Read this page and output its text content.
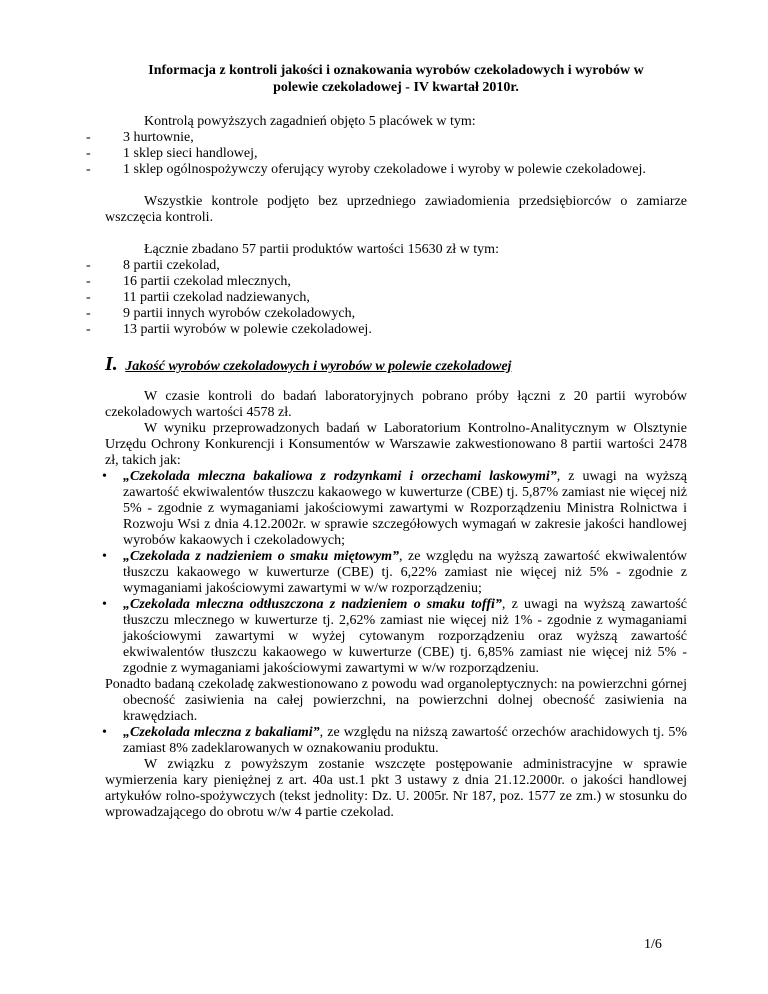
Informacja z kontroli jakości i oznakowania wyrobów czekoladowych i wyrobów w
polewie czekoladowej - IV kwartał 2010r.

Kontrolą powyższych zagadnień objęto 5 placówek w tym:

- 3 hurtownie,
- 1 sklep sieci handlowej,
- 1 sklep ogólnospożywczy oferujący wyroby czekoladowe i wyroby w polewie czekoladowej.

Wszystkie kontrole podjęto bez uprzedniego zawiadomienia przedsiębiorców o zamiarze wszczęcia kontroli.

Łącznie zbadano 57 partii produktów wartości 15630 zł w tym:

- 8 partii czekolad,
- 16 partii czekolad mlecznych,
- 11 partii czekolad nadziewanych,
- 9 partii innych wyrobów czekoladowych,
- 13 partii wyrobów w polewie czekoladowej.

I. Jakość wyrobów czekoladowych i wyrobów w polewie czekoladowej

W czasie kontroli do badań laboratoryjnych pobrano próby łączni z 20 partii wyrobów czekoladowych wartości 4578 zł.

W wyniku przeprowadzonych badań w Laboratorium Kontrolno-Analitycznym w Olsztynie Urzędu Ochrony Konkurencji i Konsumentów w Warszawie zakwestionowano 8 partii wartości 2478 zł, takich jak:

• „Czekolada mleczna bakaliowa z rodzynkami i orzechami laskowymi”, z uwagi na wyższą zawartość ekwiwalentów tłuszczu kakaowego w kuwerturze (CBE) tj. 5,87% zamiast nie więcej niż 5% - zgodnie z wymaganiami jakościowymi zawartymi w Rozporządzeniu Ministra Rolnictwa i Rozwoju Wsi z dnia 4.12.2002r. w sprawie szczegółowych wymagań w zakresie jakości handlowej wyrobów kakaowych i czekoladowych;
• „Czekolada z nadzieniem o smaku miętowym”, ze względu na wyższą zawartość ekwiwalentów tłuszczu kakaowego w kuwerturze (CBE) tj. 6,22% zamiast nie więcej niż 5% - zgodnie z wymaganiami jakościowymi zawartymi w w/w rozporządzeniu;
• „Czekolada mleczna odtłuszczona z nadzieniem o smaku toffi”, z uwagi na wyższą zawartość tłuszczu mlecznego w kuwerturze tj. 2,62% zamiast nie więcej niż 1% - zgodnie z wymaganiami jakościowymi zawartymi w wyżej cytowanym rozporządzeniu oraz wyższą zawartość ekwiwalentów tłuszczu kakaowego w kuwerturze (CBE) tj. 6,85% zamiast nie więcej niż 5% - zgodnie z wymaganiami jakościowymi zawartymi w w/w rozporządzeniu.

Ponadto badaną czekoladę zakwestionowano z powodu wad organoleptycznych: na powierzchni górnej obecność zasiwienia na całej powierzchni, na powierzchni dolnej obecność zasiwienia na krawędziach.

• „Czekolada mleczna z bakaliami”, ze względu na niższą zawartość orzechów arachidowych tj. 5% zamiast 8% zadeklarowanych w oznakowaniu produktu.

W związku z powyższym zostanie wszczęte postępowanie administracyjne w sprawie wymierzenia kary pieniężnej z art. 40a ust.1 pkt 3 ustawy z dnia 21.12.2000r. o jakości handlowej artykułów rolno-spożywczych (tekst jednolity: Dz. U. 2005r. Nr 187, poz. 1577 ze zm.) w stosunku do wprowadzającego do obrotu w/w 4 partie czekolad.

1/6
